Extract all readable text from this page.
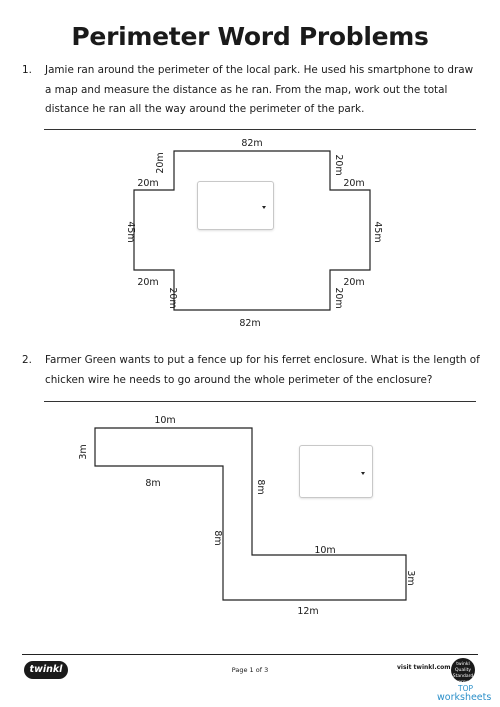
Perimeter Word Problems
1. Jamie ran around the perimeter of the local park. He used his smartphone to draw a map and measure the distance as he ran. From the map, work out the total distance he ran all the way around the perimeter of the park.
82m
82m
45m	45m
20m
20m
20m
20m
20m
20m
20m
20m
10m
3m
8m	8m
8m
10m
3m
12m
2. Farmer Green wants to put a fence up for his ferret enclosure. What is the length of chicken wire he needs to go around the whole perimeter of the enclosure?
twinkl	Page 1 of 3	visit twinkl.com	twinkl Quality Standard Approved
TOP
worksheets
